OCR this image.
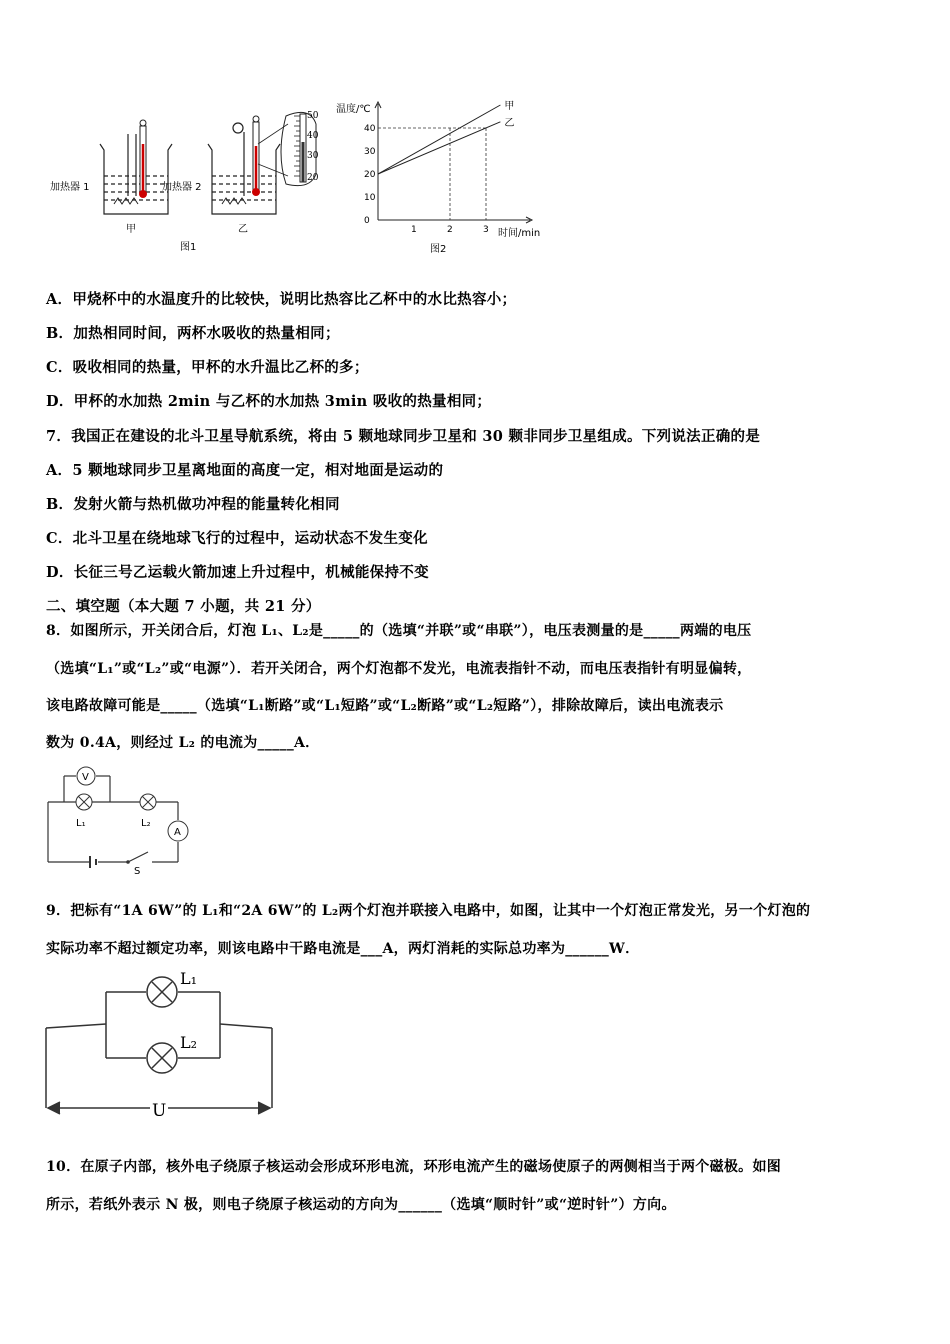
加热器 1
甲
加热器 2
乙
50
40
30
20
图1
温度/℃
时间/min
图2
0
10
20
30
40
1	2	3
甲
乙
A．甲烧杯中的水温度升的比较快，说明比热容比乙杯中的水比热容小；
B．加热相同时间，两杯水吸收的热量相同；
C．吸收相同的热量，甲杯的水升温比乙杯的多；
D．甲杯的水加热 2min 与乙杯的水加热 3min 吸收的热量相同；
7．我国正在建设的北斗卫星导航系统，将由 5 颗地球同步卫星和 30 颗非同步卫星组成。下列说法正确的是
A．5 颗地球同步卫星离地面的高度一定，相对地面是运动的
B．发射火箭与热机做功冲程的能量转化相同
C．北斗卫星在绕地球飞行的过程中，运动状态不发生变化
D．长征三号乙运载火箭加速上升过程中，机械能保持不变
二、填空题（本大题 7 小题，共 21 分）
8．如图所示，开关闭合后，灯泡 L₁、L₂是_____的（选填“并联”或“串联”），电压表测量的是_____两端的电压
（选填“L₁”或“L₂”或“电源”）．若开关闭合，两个灯泡都不发光，电流表指针不动，而电压表指针有明显偏转，
该电路故障可能是_____（选填“L₁断路”或“L₁短路”或“L₂断路”或“L₂短路”），排除故障后，读出电流表示
数为 0.4A，则经过 L₂ 的电流为_____A．
V
L₁	L₂
A
S
9．把标有“1A 6W”的 L₁和“2A 6W”的 L₂两个灯泡并联接入电路中，如图，让其中一个灯泡正常发光，另一个灯泡的
实际功率不超过额定功率，则该电路中干路电流是___A，两灯消耗的实际总功率为______W．
L₁
L₂
U
10．在原子内部，核外电子绕原子核运动会形成环形电流，环形电流产生的磁场使原子的两侧相当于两个磁极。如图
所示，若纸外表示 N 极，则电子绕原子核运动的方向为______（选填“顺时针”或“逆时针”）方向。
